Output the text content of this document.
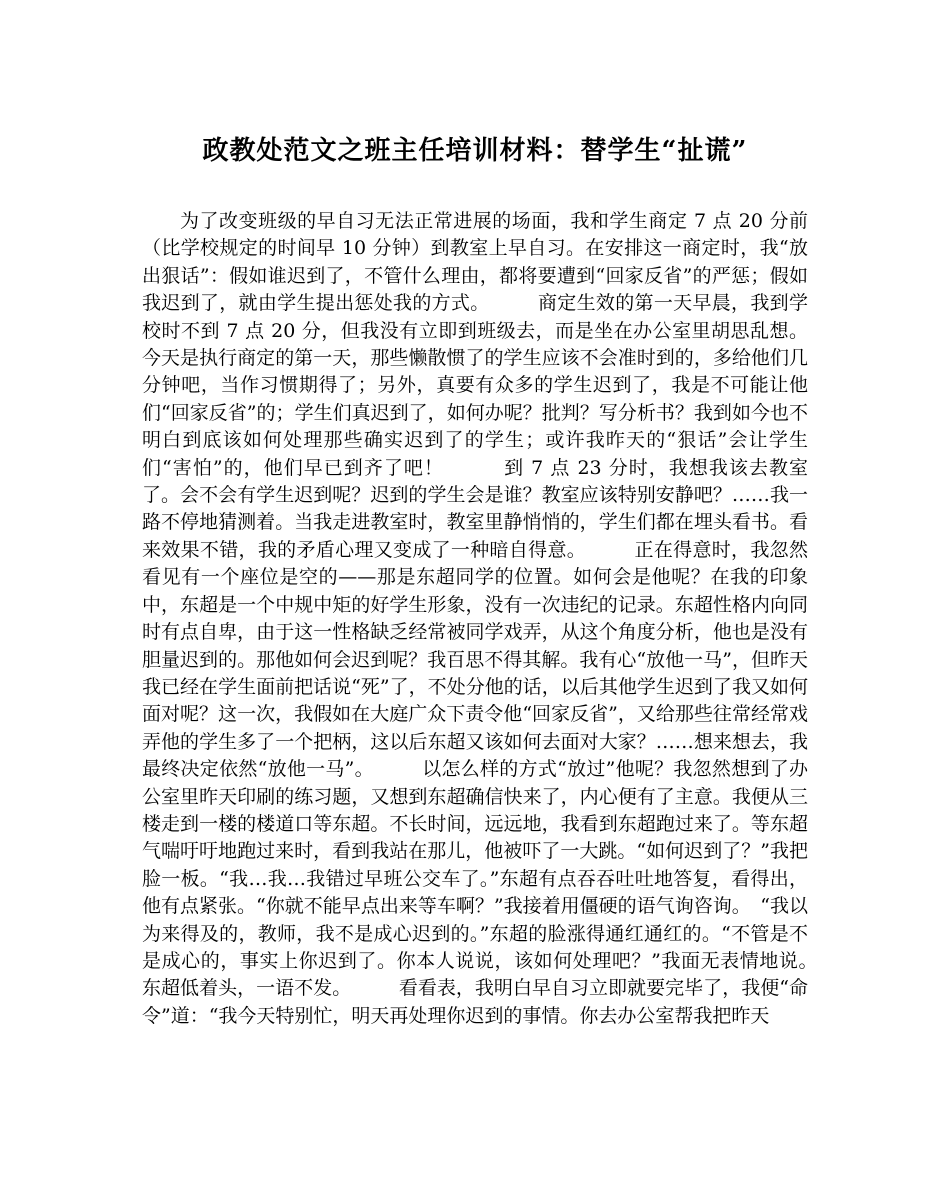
政教处范文之班主任培训材料：替学生“扯谎”

为了改变班级的早自习无法正常进展的场面，我和学生商定 7 点 20 分前（比学校规定的时间早 10 分钟）到教室上早自习。在安排这一商定时，我“放出狠话”：假如谁迟到了，不管什么理由，都将要遭到“回家反省”的严惩；假如我迟到了，就由学生提出惩处我的方式。　　　商定生效的第一天早晨，我到学校时不到 7 点 20 分，但我没有立即到班级去，而是坐在办公室里胡思乱想。今天是执行商定的第一天，那些懒散惯了的学生应该不会准时到的，多给他们几分钟吧，当作习惯期得了；另外，真要有众多的学生迟到了，我是不可能让他们“回家反省”的；学生们真迟到了，如何办呢？批判？写分析书？我到如今也不明白到底该如何处理那些确实迟到了的学生；或许我昨天的“狠话”会让学生们“害怕”的，他们早已到齐了吧！　　　到 7 点 23 分时，我想我该去教室了。会不会有学生迟到呢？迟到的学生会是谁？教室应该特别安静吧？……我一路不停地猜测着。当我走进教室时，教室里静悄悄的，学生们都在埋头看书。看来效果不错，我的矛盾心理又变成了一种暗自得意。　　　正在得意时，我忽然看见有一个座位是空的——那是东超同学的位置。如何会是他呢？在我的印象中，东超是一个中规中矩的好学生形象，没有一次违纪的记录。东超性格内向同时有点自卑，由于这一性格缺乏经常被同学戏弄，从这个角度分析，他也是没有胆量迟到的。那他如何会迟到呢？我百思不得其解。我有心“放他一马”，但昨天我已经在学生面前把话说“死”了，不处分他的话，以后其他学生迟到了我又如何面对呢？这一次，我假如在大庭广众下责令他“回家反省”，又给那些往常经常戏弄他的学生多了一个把柄，这以后东超又该如何去面对大家？……想来想去，我最终决定依然“放他一马”。　　　以怎么样的方式“放过”他呢？我忽然想到了办公室里昨天印刷的练习题，又想到东超确信快来了，内心便有了主意。我便从三楼走到一楼的楼道口等东超。不长时间，远远地，我看到东超跑过来了。等东超气喘吁吁地跑过来时，看到我站在那儿，他被吓了一大跳。“如何迟到了？”我把脸一板。“我…我…我错过早班公交车了。”东超有点吞吞吐吐地答复，看得出，他有点紧张。“你就不能早点出来等车啊？”我接着用僵硬的语气询咨询。　“我以为来得及的，教师，我不是成心迟到的。”东超的脸涨得通红通红的。“不管是不是成心的，事实上你迟到了。你本人说说，该如何处理吧？”我面无表情地说。　　　东超低着头，一语不发。　　　看看表，我明白早自习立即就要完毕了，我便“命令”道：“我今天特别忙，明天再处理你迟到的事情。你去办公室帮我把昨天
